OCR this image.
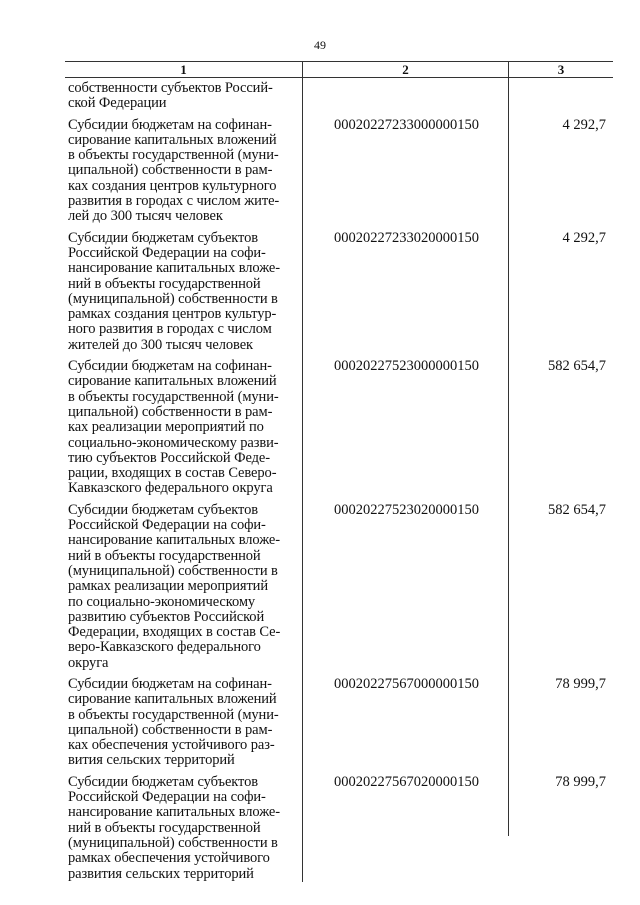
49
1	2	3
собственности субъектов Россий-
ской Федерации
Субсидии бюджетам на софинан-
сирование капитальных вложений
в объекты государственной (муни-
ципальной) собственности в рам-
ках создания центров культурного
развития в городах с числом жите-
лей до 300 тысяч человек
00020227233000000150	4 292,7
Субсидии бюджетам субъектов
Российской Федерации на софи-
нансирование капитальных вложе-
ний в объекты государственной
(муниципальной) собственности в
рамках создания центров культур-
ного развития в городах с числом
жителей до 300 тысяч человек
00020227233020000150	4 292,7
Субсидии бюджетам на софинан-
сирование капитальных вложений
в объекты государственной (муни-
ципальной) собственности в рам-
ках реализации мероприятий по
социально-экономическому разви-
тию субъектов Российской Феде-
рации, входящих в состав Северо-
Кавказского федерального округа
00020227523000000150	582 654,7
Субсидии бюджетам субъектов
Российской Федерации на софи-
нансирование капитальных вложе-
ний в объекты государственной
(муниципальной) собственности в
рамках реализации мероприятий
по социально-экономическому
развитию субъектов Российской
Федерации, входящих в состав Се-
веро-Кавказского федерального
округа
00020227523020000150	582 654,7
Субсидии бюджетам на софинан-
сирование капитальных вложений
в объекты государственной (муни-
ципальной) собственности в рам-
ках обеспечения устойчивого раз-
вития сельских территорий
00020227567000000150	78 999,7
Субсидии бюджетам субъектов
Российской Федерации на софи-
нансирование капитальных вложе-
ний в объекты государственной
(муниципальной) собственности в
рамках обеспечения устойчивого
развития сельских территорий
00020227567020000150	78 999,7
